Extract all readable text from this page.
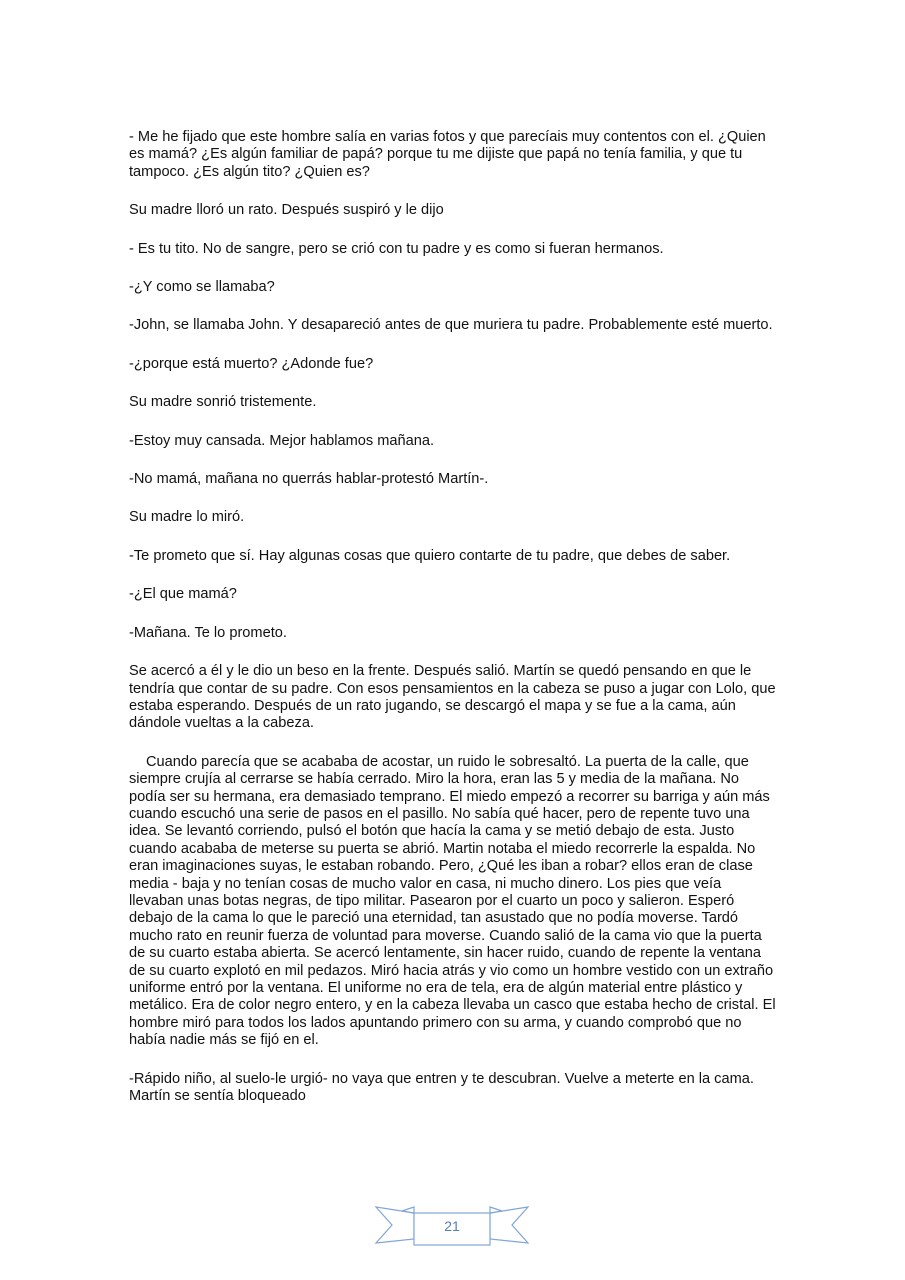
- Me he fijado que este hombre salía en varias fotos y que parecíais muy contentos con el. ¿Quien es mamá? ¿Es algún familiar de papá? porque tu me dijiste que papá no tenía familia, y que tu tampoco. ¿Es algún tito? ¿Quien es?

Su madre lloró un rato. Después suspiró y le dijo

- Es tu tito. No de sangre, pero se crió con tu padre y es como si fueran hermanos.

-¿Y como se llamaba?

-John, se llamaba John. Y desapareció antes de que muriera tu padre. Probablemente esté muerto.

-¿porque está muerto? ¿Adonde fue?

Su madre sonrió tristemente.

-Estoy muy cansada. Mejor hablamos mañana.

-No mamá, mañana no querrás hablar-protestó Martín-.

Su madre lo miró.

-Te prometo que sí. Hay algunas cosas que quiero contarte de tu padre, que debes de saber.

-¿El que mamá?

-Mañana. Te lo prometo.

Se acercó a él y le dio un beso en la frente. Después salió. Martín se quedó pensando en que le tendría que contar de su padre. Con esos pensamientos en la cabeza se puso a jugar con Lolo, que estaba esperando. Después de un rato jugando, se descargó el mapa y se fue a la cama, aún dándole vueltas a la cabeza.

Cuando parecía que se acababa de acostar, un ruido le sobresaltó. La puerta de la calle, que siempre crujía al cerrarse se había cerrado. Miro la hora, eran las 5 y media de la mañana. No podía ser su hermana, era demasiado temprano. El miedo empezó a recorrer su barriga y aún más cuando escuchó una serie de pasos en el pasillo. No sabía qué hacer, pero de repente tuvo una idea. Se levantó corriendo, pulsó el botón que hacía la cama y se metió debajo de esta. Justo cuando acababa de meterse su puerta se abrió. Martin notaba el miedo recorrerle la espalda. No eran imaginaciones suyas, le estaban robando. Pero, ¿Qué les iban a robar? ellos eran de clase media - baja y no tenían cosas de mucho valor en casa, ni mucho dinero. Los pies que veía llevaban unas botas negras, de tipo militar. Pasearon por el cuarto un poco y salieron. Esperó debajo de la cama lo que le pareció una eternidad, tan asustado que no podía moverse. Tardó mucho rato en reunir fuerza de voluntad para moverse. Cuando salió de la cama vio que la puerta de su cuarto estaba abierta. Se acercó lentamente, sin hacer ruido, cuando de repente la ventana de su cuarto explotó en mil pedazos. Miró hacia atrás y vio como un hombre vestido con un extraño uniforme entró por la ventana. El uniforme no era de tela, era de algún material entre plástico y metálico. Era de color negro entero, y en la cabeza llevaba un casco que estaba hecho de cristal. El hombre miró para todos los lados apuntando primero con su arma, y cuando comprobó que no había nadie más se fijó en el.

-Rápido niño, al suelo-le urgió- no vaya que entren y te descubran. Vuelve a meterte en la cama.

Martín se sentía bloqueado

21
